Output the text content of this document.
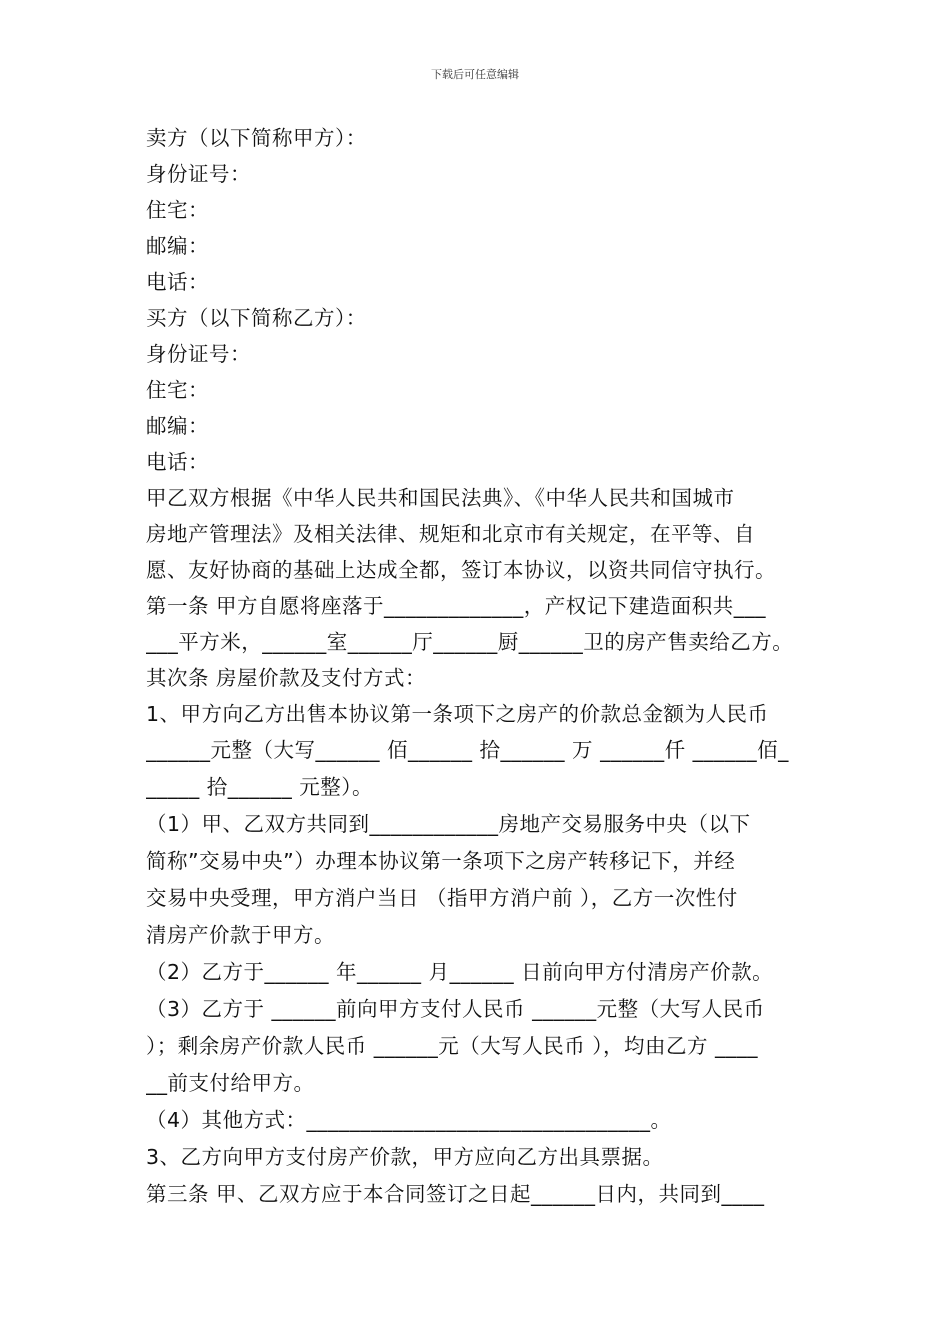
下载后可任意编辑
卖方（以下简称甲方）：
身份证号：
住宅：
邮编：
电话：
买方（以下简称乙方）：
身份证号：
住宅：
邮编：
电话：
甲乙双方根据《中华人民共和国民法典》、《中华人民共和国城市
房地产管理法》及相关法律、规矩和北京市有关规定，在平等、自
愿、友好协商的基础上达成全都，签订本协议，以资共同信守执行。
第一条 甲方自愿将座落于_____________，产权记下建造面积共___
___平方米，______室______厅______厨______卫的房产售卖给乙方。
其次条 房屋价款及支付方式：
1、甲方向乙方出售本协议第一条项下之房产的价款总金额为人民币
______元整（大写______ 佰______ 拾______ 万 ______仟 ______佰_
_____ 拾______ 元整）。
（1）甲、乙双方共同到____________房地产交易服务中央（以下
简称”交易中央”）办理本协议第一条项下之房产转移记下，并经
交易中央受理，甲方消户当日 （指甲方消户前 ），乙方一次性付
清房产价款于甲方。
（2）乙方于______ 年______ 月______ 日前向甲方付清房产价款。
（3）乙方于 ______前向甲方支付人民币 ______元整（大写人民币
）；剩余房产价款人民币 ______元（大写人民币 ），均由乙方 ____
__前支付给甲方。
（4）其他方式：________________________________。
3、乙方向甲方支付房产价款，甲方应向乙方出具票据。
第三条 甲、乙双方应于本合同签订之日起______日内，共同到____
